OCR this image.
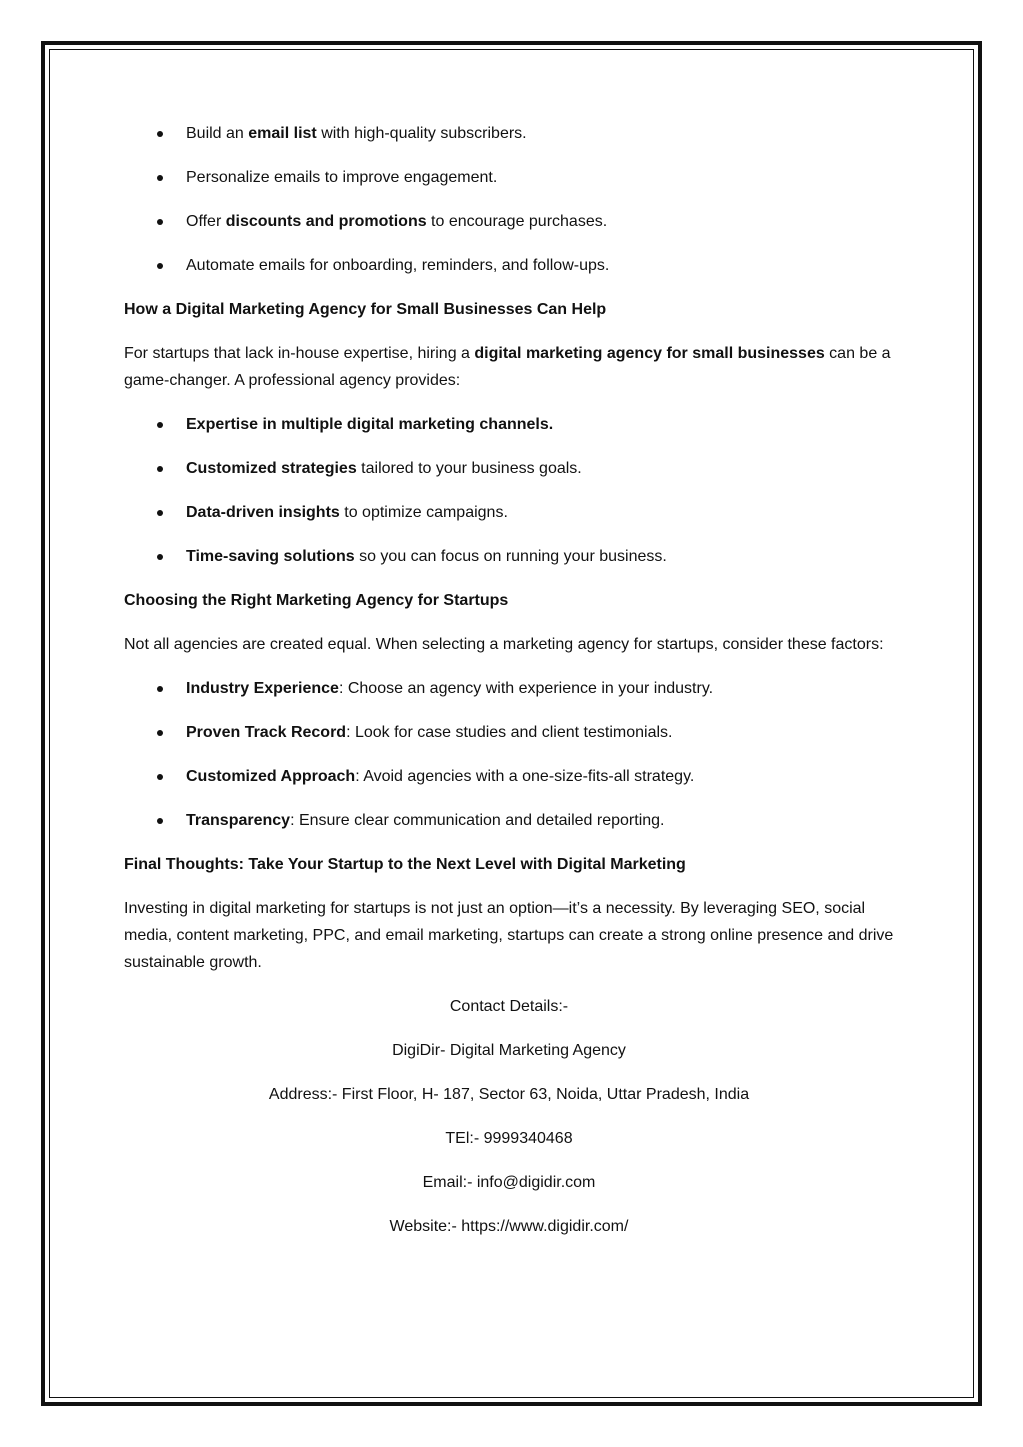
Build an email list with high-quality subscribers.
Personalize emails to improve engagement.
Offer discounts and promotions to encourage purchases.
Automate emails for onboarding, reminders, and follow-ups.

How a Digital Marketing Agency for Small Businesses Can Help

For startups that lack in-house expertise, hiring a digital marketing agency for small businesses can be a game-changer. A professional agency provides:

Expertise in multiple digital marketing channels.
Customized strategies tailored to your business goals.
Data-driven insights to optimize campaigns.
Time-saving solutions so you can focus on running your business.

Choosing the Right Marketing Agency for Startups

Not all agencies are created equal. When selecting a marketing agency for startups, consider these factors:

Industry Experience: Choose an agency with experience in your industry.
Proven Track Record: Look for case studies and client testimonials.
Customized Approach: Avoid agencies with a one-size-fits-all strategy.
Transparency: Ensure clear communication and detailed reporting.

Final Thoughts: Take Your Startup to the Next Level with Digital Marketing

Investing in digital marketing for startups is not just an option—it’s a necessity. By leveraging SEO, social media, content marketing, PPC, and email marketing, startups can create a strong online presence and drive sustainable growth.

Contact Details:-

DigiDir- Digital Marketing Agency

Address:- First Floor, H- 187, Sector 63, Noida, Uttar Pradesh, India

TEl:- 9999340468

Email:- info@digidir.com

Website:- https://www.digidir.com/
